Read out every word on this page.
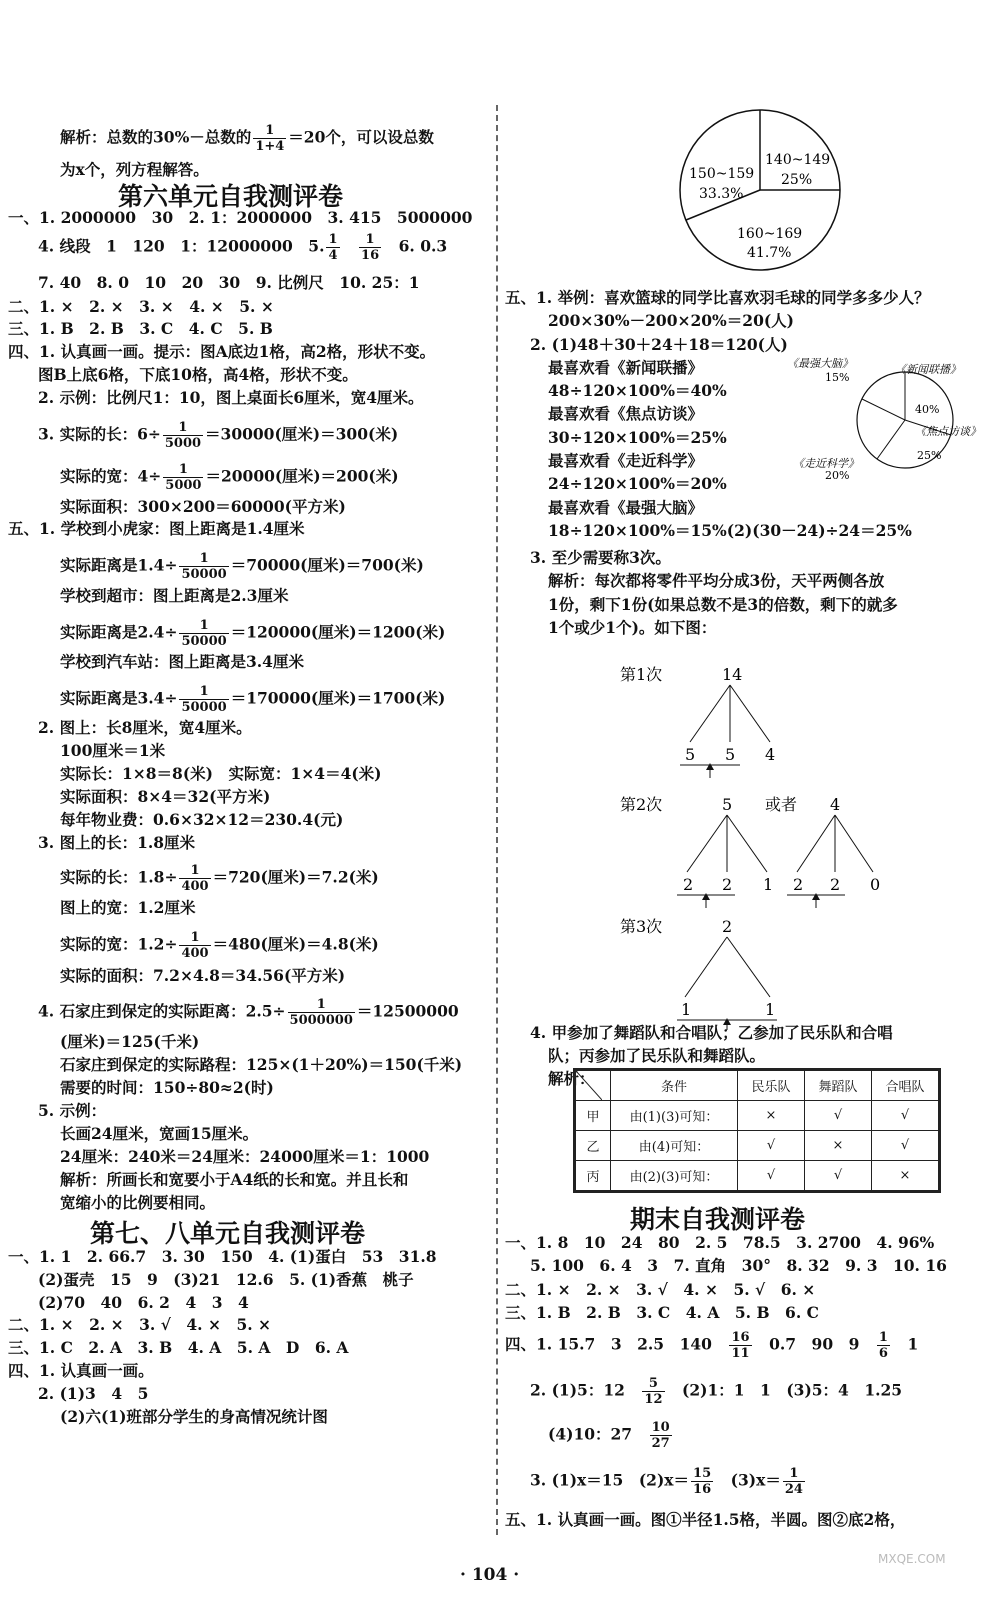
解析：总数的30%－总数的 $\frac{1}{1+4} =20$个，可以设总数
为x个，列方程解答。
第六单元自我测评卷
一、1. 2000000　30　2. 1：2000000　3. 415　5000000
4. 线段　1　120　1：12000000　5. $\frac{1}{4}$
　 $\frac{1}{16}$
　 6. 0.3
7. 40　8. 0　10　20　30　9. 比例尺　10. 25：1
二、1. ×　2. ×　3. ×　4. ×　5. ×
三、1. B　2. B　3. C　4. C　5. B
四、1. 认真画一画。提示：图A底边1格，高2格，形状不变。
图B上底6格，下底10格，高4格，形状不变。
2. 示例：比例尺1：10，图上桌面长6厘米，宽4厘米。
3. 实际的长：$6\div \frac{1}{5000} =30000$(厘米)＝300(米)
实际的宽：$4\div \frac{1}{5000} =20000$(厘米)＝200(米)
实际面积：300×200＝60000(平方米)
五、1. 学校到小虎家：图上距离是1.4厘米
实际距离是$1.4\div \frac{1}{50000} =70000$(厘米)＝700(米)
学校到超市：图上距离是2.3厘米
实际距离是$2.4\div \frac{1}{50000} =120000$(厘米)＝1200(米)
学校到汽车站：图上距离是3.4厘米
实际距离是$3.4\div \frac{1}{50000} =170000$(厘米)＝1700(米)
2. 图上：长8厘米，宽4厘米。
100厘米＝1米
实际长：1×8＝8(米)　实际宽：1×4＝4(米)
实际面积：8×4＝32(平方米)
每年物业费：0.6×32×12＝230.4(元)
3. 图上的长：1.8厘米
实际的长：$1.8\div \frac{1}{400} =720$(厘米)＝7.2(米)
图上的宽：1.2厘米
实际的宽：$1.2\div \frac{1}{400} =480$(厘米)＝4.8(米)
实际的面积：7.2×4.8＝34.56(平方米)
4. 石家庄到保定的实际距离：$2.5\div \frac{1}{5000000} =12500000$
(厘米)＝125(千米)
石家庄到保定的实际路程：125×(1＋20%)＝150(千米)
需要的时间：150÷80≈2(时)
5. 示例：
长画24厘米，宽画15厘米。
24厘米：240米＝24厘米：24000厘米＝1：1000
解析：所画长和宽要小于A4纸的长和宽。并且长和
宽缩小的比例要相同。
第七、八单元自我测评卷
一、1. 1　2. 66.7　3. 30　150　4. (1)蛋白　53　31.8
(2)蛋壳　15　9　(3)21　12.6　5. (1)香蕉　桃子
(2)70　40　6. 2　4　3　4
二、1. ×　2. ×　3. √　4. ×　5. ×
三、1. C　2. A　3. B　4. A　5. A　D　6. A
四、1. 认真画一画。
2. (1)3　4　5
(2)六(1)班部分学生的身高情况统计图
150~159
33.3%
140~149
25%
160~169
41.7%
五、1. 举例：喜欢篮球的同学比喜欢羽毛球的同学多多少人？
200×30%－200×20%＝20(人)
2. (1)48＋30＋24＋18＝120(人)
最喜欢看《新闻联播》
48÷120×100%＝40%
最喜欢看《焦点访谈》
30÷120×100%＝25%
最喜欢看《走近科学》
24÷120×100%＝20%
最喜欢看《最强大脑》
18÷120×100%＝15%(2)(30－24)÷24＝25%
《最强大脑》
15%
《新闻联播》
40%
《焦点访谈》
25%
《走近科学》
20%
3. 至少需要称3次。
解析：每次都将零件平均分成3份，天平两侧各放
1份，剩下1份(如果总数不是3的倍数，剩下的就多
1个或少1个)。如下图：
第1次	14
5 5 4
第2次	5 或者
2 2 1
4
2 2 0
第3次	2
1	1
4. 甲参加了舞蹈队和合唱队；乙参加了民乐队和合唱
队；丙参加了民乐队和舞蹈队。
解析：
		条件	民乐队	舞蹈队	合唱队
甲	由(1)(3)可知：	×	√	√
乙	由(4)可知：	√	×	√
丙	由(2)(3)可知：	√	√	×
期末自我测评卷
一、1. 8　10　24　80　2. 5　78.5　3. 2700　4. 96%
5. 100　6. 4　3　7. 直角　30°　8. 32　9. 3　10. 16
二、1. ×　2. ×　3. √　4. ×　5. √　6. ×
三、1. B　2. B　3. C　4. A　5. B　6. C
四、1. 15.7　3　2.5　140　 $\frac{16}{11}$
　 0.7　90　9　 $\frac{1}{6}$
　 1
2. (1)5：12　 $\frac{5}{12}$
　 (2)1：1　1　(3)5：4　1.25
(4)10：27　 $\frac{10}{27}$
3. (1)x＝15　$(2)x= \frac{15}{16}$
　 $(3)x= \frac{1}{24}$
五、1. 认真画一画。图①半径1.5格，半圆。图②底2格，
· 104 ·
MXQE.COM
